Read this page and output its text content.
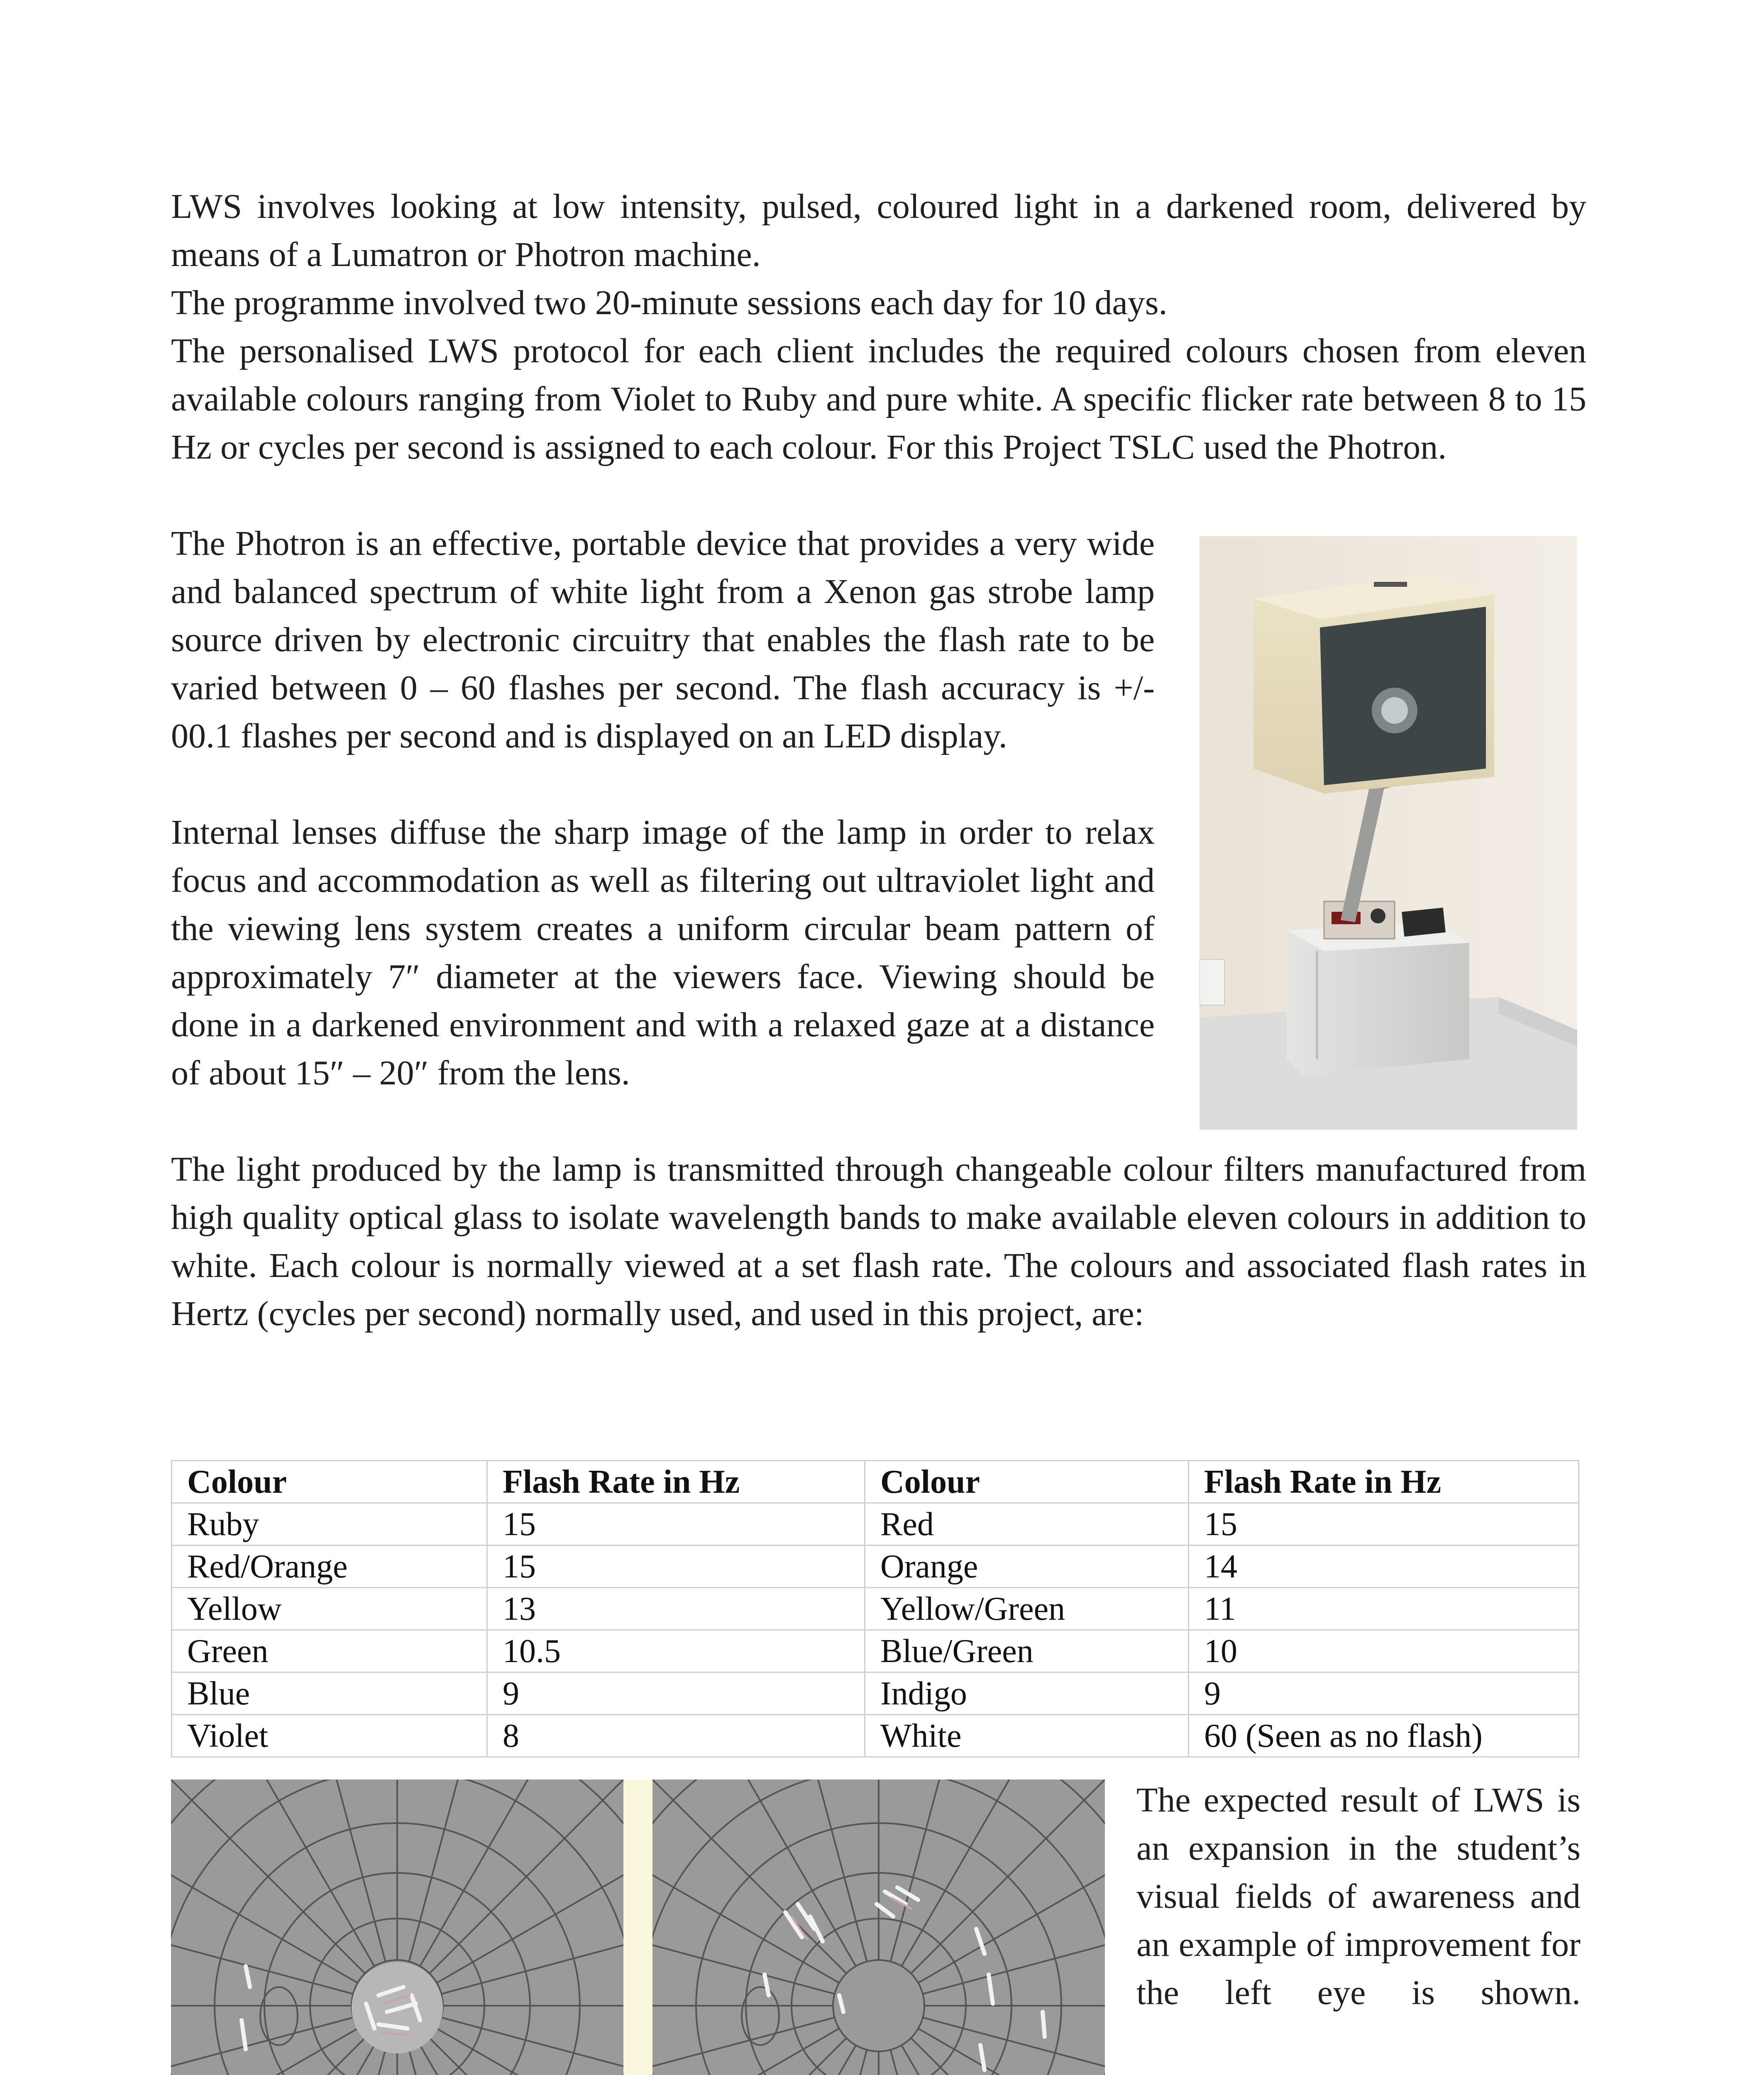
LWS involves looking at low intensity, pulsed, coloured light in a darkened room, delivered by means of a Lumatron or Photron machine.

The programme involved two 20-minute sessions each day for 10 days.

The personalised LWS protocol for each client includes the required colours chosen from eleven available colours ranging from Violet to Ruby and pure white. A specific flicker rate between 8 to 15 Hz or cycles per second is assigned to each colour. For this Project TSLC used the Photron.

The Photron is an effective, portable device that provides a very wide and balanced spectrum of white light from a Xenon gas strobe lamp source driven by electronic circuitry that enables the flash rate to be varied between 0 – 60 flashes per second. The flash accuracy is +/- 00.1 flashes per second and is displayed on an LED display.

Internal lenses diffuse the sharp image of the lamp in order to relax focus and accommodation as well as filtering out ultraviolet light and the viewing lens system creates a uniform circular beam pattern of approximately 7″ diameter at the viewers face. Viewing should be done in a darkened environment and with a relaxed gaze at a distance of about 15″ – 20″ from the lens.

The light produced by the lamp is transmitted through changeable colour filters manufactured from high quality optical glass to isolate wavelength bands to make available eleven colours in addition to white. Each colour is normally viewed at a set flash rate. The colours and associated flash rates in Hertz (cycles per second) normally used, and used in this project, are:

Colour	Flash Rate in Hz	Colour	Flash Rate in Hz
Ruby	15	Red	15
Red/Orange	15	Orange	14
Yellow	13	Yellow/Green	11
Green	10.5	Blue/Green	10
Blue	9	Indigo	9
Violet	8	White	60 (Seen as no flash)

The expected result of LWS is an expansion in the student’s visual fields of awareness and an example of improvement for the left eye is shown.
